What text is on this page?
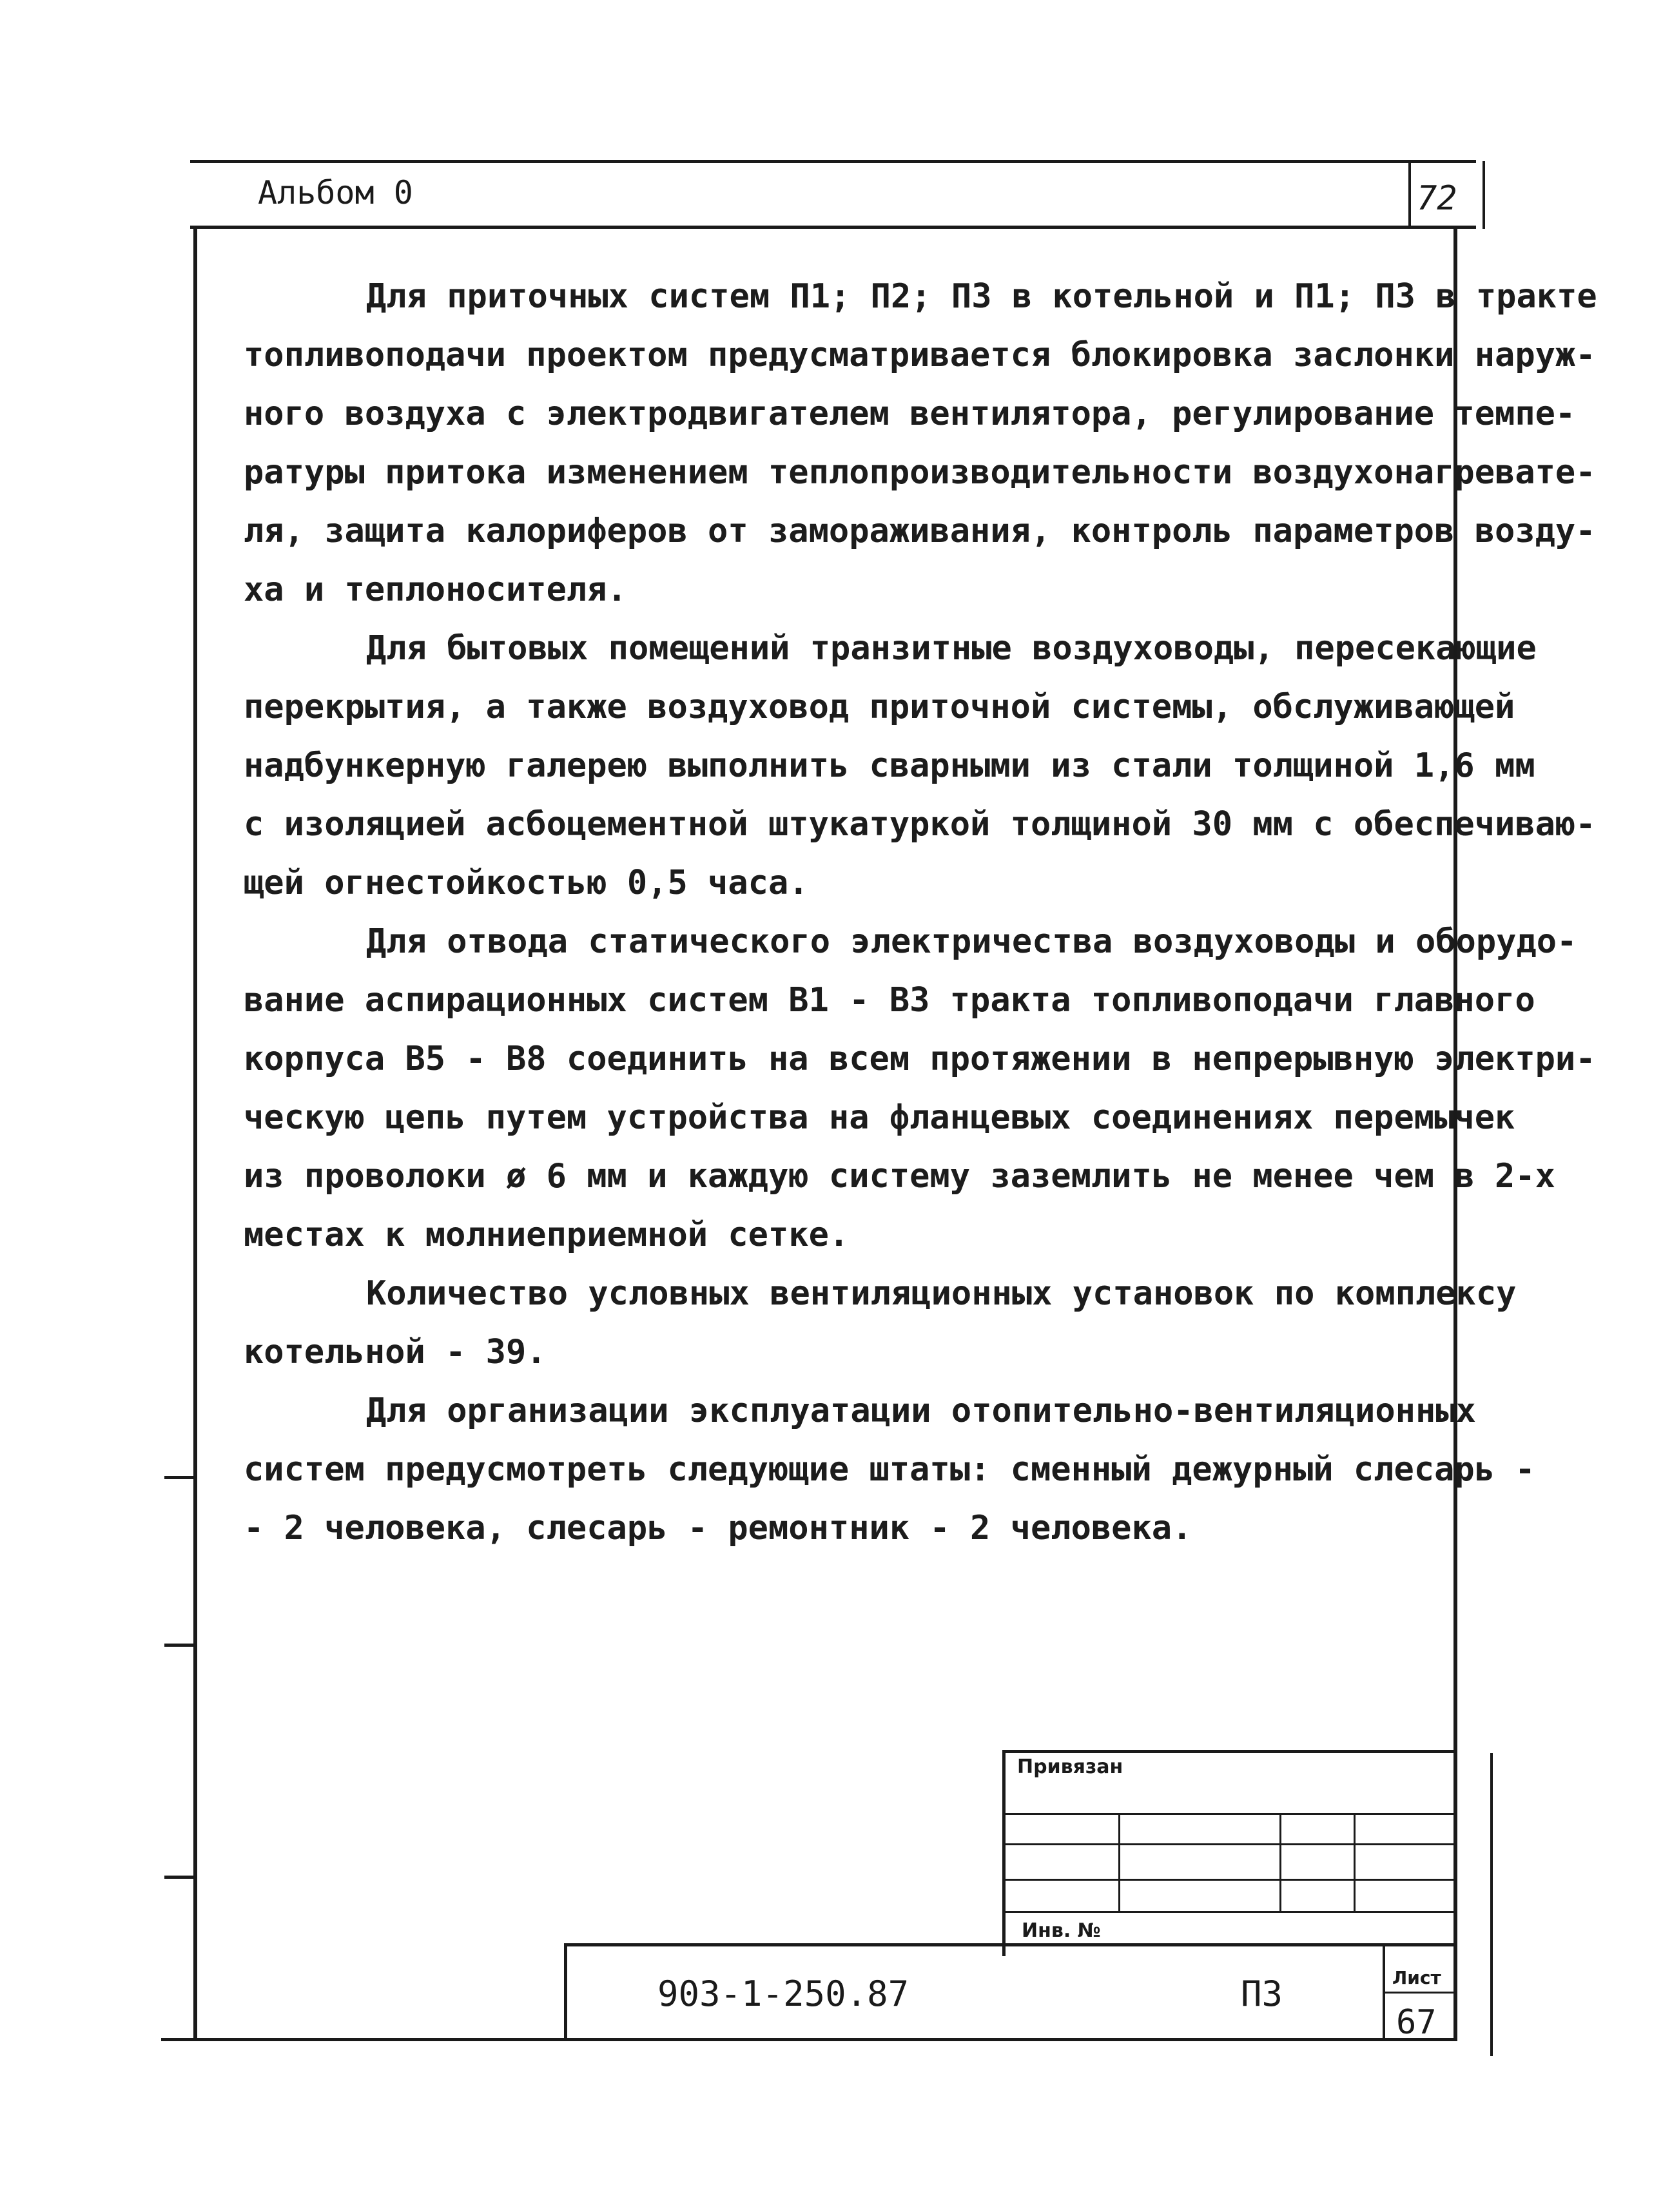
Альбом 0	72

Для приточных систем П1; П2; П3 в котельной и П1; П3 в тракте
топливоподачи проектом предусматривается блокировка заслонки наруж-
ного воздуха с электродвигателем вентилятора, регулирование темпе-
ратуры притока изменением теплопроизводительности воздухонагревате-
ля, защита калориферов от замораживания, контроль параметров возду-
ха и теплоносителя.

Для бытовых помещений транзитные воздуховоды, пересекающие
перекрытия, а также воздуховод приточной системы, обслуживающей
надбункерную галерею выполнить сварными из стали толщиной 1,6 мм
с изоляцией асбоцементной штукатуркой толщиной 30 мм с обеспечиваю-
щей огнестойкостью 0,5 часа.

Для отвода статического электричества воздуховоды и оборудо-
вание аспирационных систем В1 - В3 тракта топливоподачи главного
корпуса В5 - В8 соединить на всем протяжении в непрерывную электри-
ческую цепь путем устройства на фланцевых соединениях перемычек
из проволоки ø 6 мм и каждую систему заземлить не менее чем в 2-х
местах к молниеприемной сетке.

Количество условных вентиляционных установок по комплексу
котельной - 39.

Для организации эксплуатации отопительно-вентиляционных
систем предусмотреть следующие штаты: сменный дежурный слесарь -
- 2 человека, слесарь - ремонтник - 2 человека.

Привязан
Инв. №
903-1-250.87	П3	Лист
67
